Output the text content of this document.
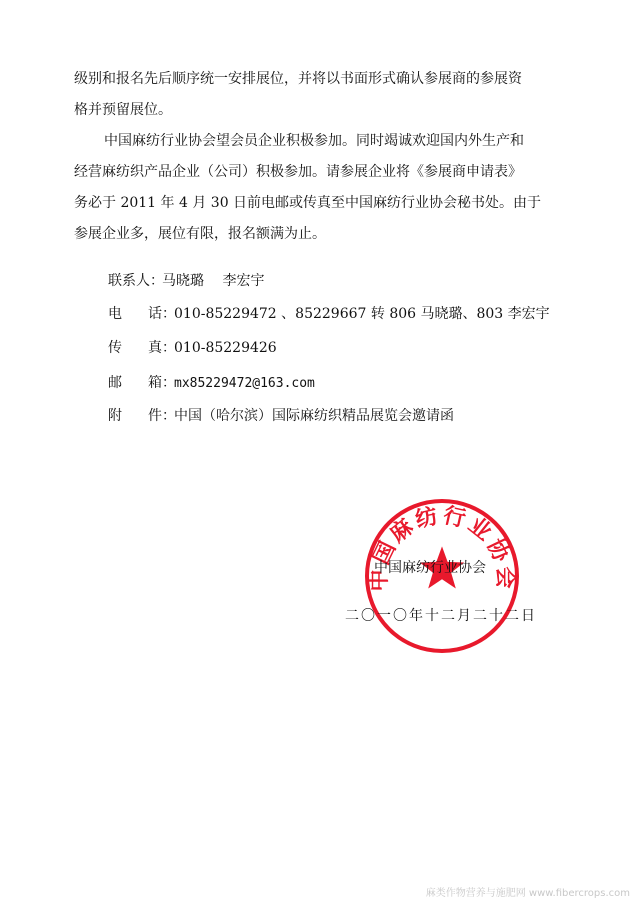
级别和报名先后顺序统一安排展位，并将以书面形式确认参展商的参展资
格并预留展位。
中国麻纺行业协会望会员企业积极参加。同时竭诚欢迎国内外生产和
经营麻纺织产品企业（公司）积极参加。请参展企业将《参展商申请表》
务必于 2011 年 4 月 30 日前电邮或传真至中国麻纺行业协会秘书处。由于
参展企业多，展位有限，报名额满为止。
联系人：马晓璐　 李宏宇
电话：010-85229472 、85229667 转 806 马晓璐、803 李宏宇
传真：010-85229426
邮箱：mx85229472@163.com
附件：中国（哈尔滨）国际麻纺织精品展览会邀请函
中国麻纺行业协会
中国麻纺行业协会
二〇一〇年十二月二十二日
麻类作物营养与施肥网 www.fibercrops.com
